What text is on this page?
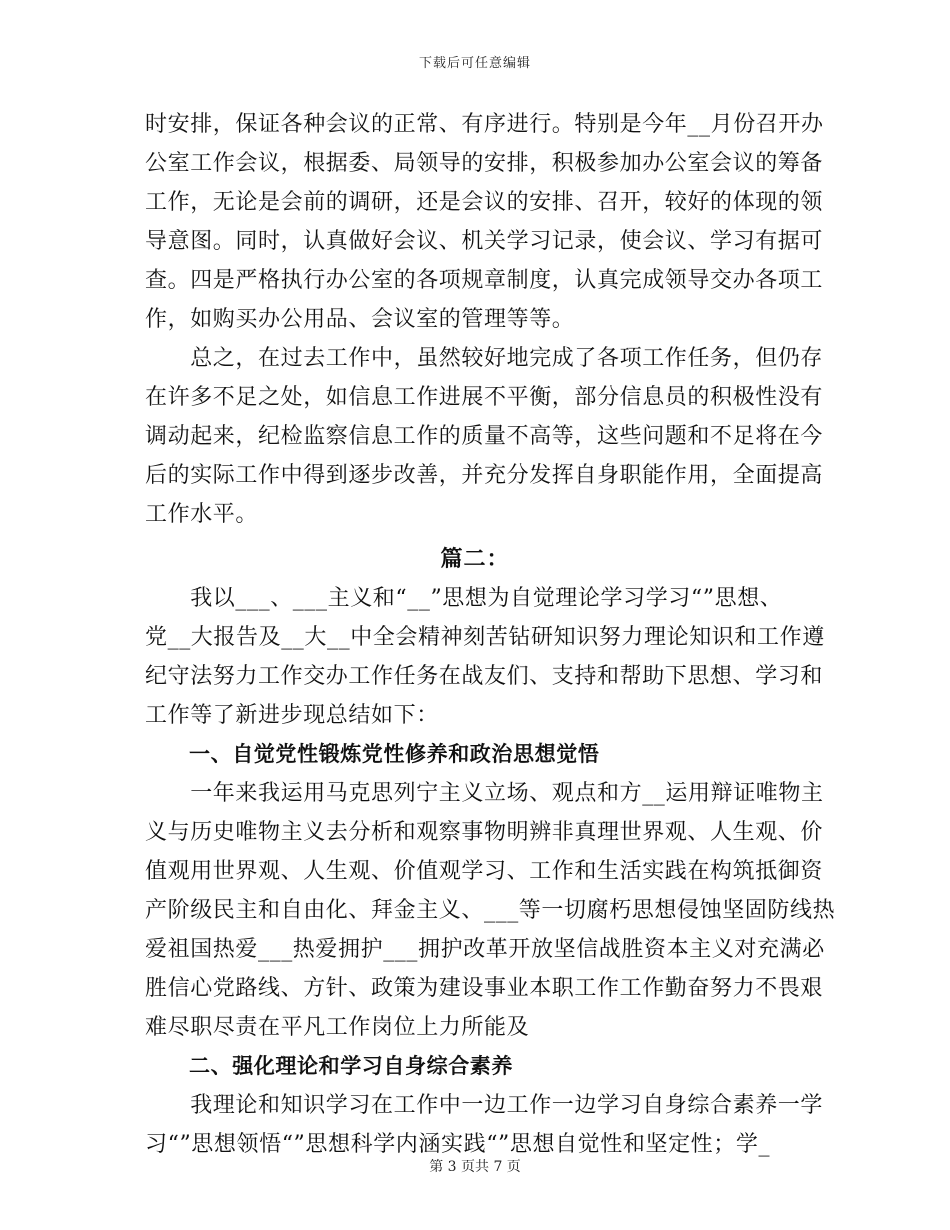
下载后可任意编辑
时安排，保证各种会议的正常、有序进行。特别是今年__月份召开办
公室工作会议，根据委、局领导的安排，积极参加办公室会议的筹备
工作，无论是会前的调研，还是会议的安排、召开，较好的体现的领
导意图。同时，认真做好会议、机关学习记录，使会议、学习有据可
查。四是严格执行办公室的各项规章制度，认真完成领导交办各项工
作，如购买办公用品、会议室的管理等等。
　　总之，在过去工作中，虽然较好地完成了各项工作任务，但仍存
在许多不足之处，如信息工作进展不平衡，部分信息员的积极性没有
调动起来，纪检监察信息工作的质量不高等，这些问题和不足将在今
后的实际工作中得到逐步改善，并充分发挥自身职能作用，全面提高
工作水平。
篇二：
　　我以___、___主义和“__”思想为自觉理论学习学习“”思想、
党__大报告及__大__中全会精神刻苦钻研知识努力理论知识和工作遵
纪守法努力工作交办工作任务在战友们、支持和帮助下思想、学习和
工作等了新进步现总结如下：
一、自觉党性锻炼党性修养和政治思想觉悟
　　一年来我运用马克思列宁主义立场、观点和方__运用辩证唯物主
义与历史唯物主义去分析和观察事物明辨非真理世界观、人生观、价
值观用世界观、人生观、价值观学习、工作和生活实践在构筑抵御资
产阶级民主和自由化、拜金主义、___等一切腐朽思想侵蚀坚固防线热
爱祖国热爱___热爱拥护___拥护改革开放坚信战胜资本主义对充满必
胜信心党路线、方针、政策为建设事业本职工作工作勤奋努力不畏艰
难尽职尽责在平凡工作岗位上力所能及
二、强化理论和学习自身综合素养
　　我理论和知识学习在工作中一边工作一边学习自身综合素养一学
习“”思想领悟“”思想科学内涵实践“”思想自觉性和坚定性；学_
第 3 页共 7 页
